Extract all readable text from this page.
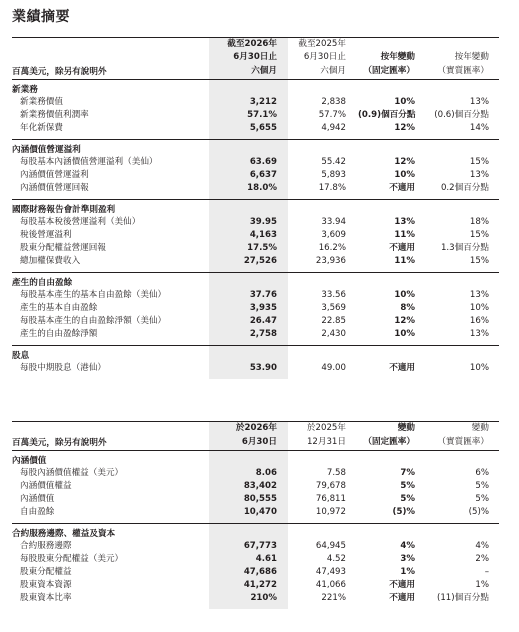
業績摘要

	截至2026年	截至2025年		
	6月30日止	6月30日止	按年變動	按年變動
百萬美元，除另有說明外	六個月	六個月	（固定匯率）	（實質匯率）
新業務				
新業務價值	3,212	2,838	10%	13%
新業務價值利潤率	57.1%	57.7%	(0.9)個百分點	(0.6)個百分點
年化新保費	5,655	4,942	12%	14%
內涵價值營運溢利				
每股基本內涵價值營運溢利（美仙）	63.69	55.42	12%	15%
內涵價值營運溢利	6,637	5,893	10%	13%
內涵價值營運回報	18.0%	17.8%	不適用	0.2個百分點
國際財務報告會計準則盈利				
每股基本稅後營運溢利（美仙）	39.95	33.94	13%	18%
稅後營運溢利	4,163	3,609	11%	15%
股東分配權益營運回報	17.5%	16.2%	不適用	1.3個百分點
總加權保費收入	27,526	23,936	11%	15%
產生的自由盈餘				
每股基本產生的基本自由盈餘（美仙）	37.76	33.56	10%	13%
產生的基本自由盈餘	3,935	3,569	8%	10%
每股基本產生的自由盈餘淨額（美仙）	26.47	22.85	12%	16%
產生的自由盈餘淨額	2,758	2,430	10%	13%
股息				
每股中期股息（港仙）	53.90	49.00	不適用	10%

	於2026年	於2025年	變動	變動
百萬美元，除另有說明外	6月30日	12月31日	（固定匯率）	（實質匯率）
內涵價值				
每股內涵價值權益（美元）	8.06	7.58	7%	6%
內涵價值權益	83,402	79,678	5%	5%
內涵價值	80,555	76,811	5%	5%
自由盈餘	10,470	10,972	(5)%	(5)%
合約服務邊際、權益及資本				
合約服務邊際	67,773	64,945	4%	4%
每股股東分配權益（美元）	4.61	4.52	3%	2%
股東分配權益	47,686	47,493	1%	–
股東資本資源	41,272	41,066	不適用	1%
股東資本比率	210%	221%	不適用	(11)個百分點
